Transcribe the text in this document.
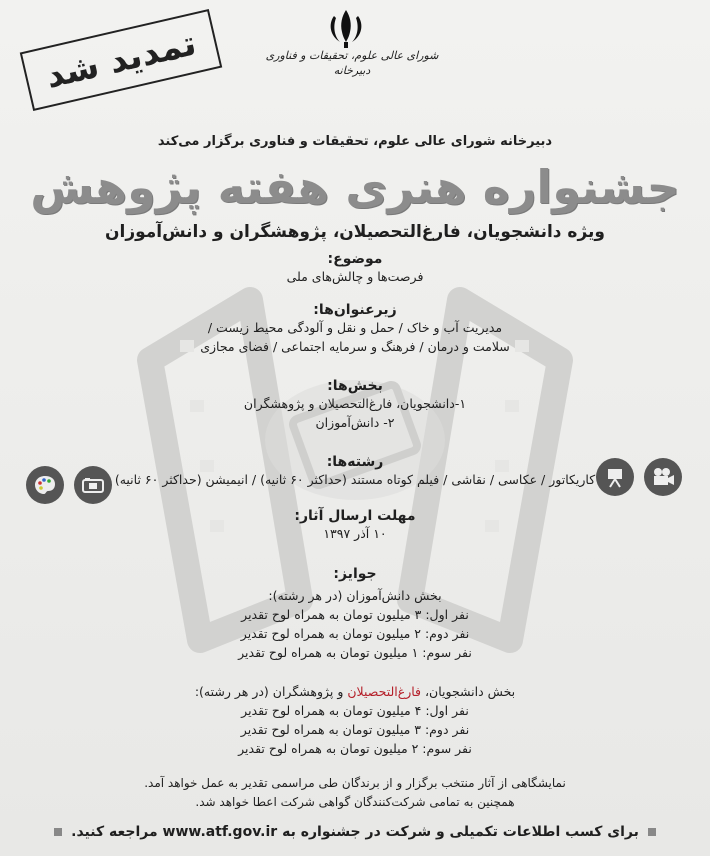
شورای عالی علوم، تحقیقات و فناوری
دبیرخانه
تمدید شد
دبیرخانه شورای عالی علوم، تحقیقات و فناوری برگزار می‌کند
جشنواره هنری هفته پژوهش
ویژه دانشجویان، فارغ‌التحصیلان، پژوهشگران و دانش‌آموزان
موضوع:
فرصت‌ها و چالش‌های ملی
زیرعنوان‌ها:
مدیریت آب و خاک / حمل و نقل و آلودگی محیط زیست /
سلامت و درمان / فرهنگ و سرمایه اجتماعی / فضای مجازی
بخش‌ها:
۱-دانشجویان، فارغ‌التحصیلان و پژوهشگران
۲- دانش‌آموزان
رشته‌ها:
کاریکاتور / عکاسی / نقاشی / فیلم کوتاه مستند (حداکثر ۶۰ ثانیه) / انیمیشن (حداکثر ۶۰ ثانیه)
مهلت ارسال آثار:
۱۰ آذر ۱۳۹۷
جوایز:
بخش دانش‌آموزان (در هر رشته):
نفر اول: ۳ میلیون تومان به همراه لوح تقدیر
نفر دوم: ۲ میلیون تومان به همراه لوح تقدیر
نفر سوم: ۱ میلیون تومان به همراه لوح تقدیر
بخش دانشجویان، فارغ‌التحصیلان و پژوهشگران (در هر رشته):
نفر اول: ۴ میلیون تومان به همراه لوح تقدیر
نفر دوم: ۳ میلیون تومان به همراه لوح تقدیر
نفر سوم: ۲ میلیون تومان به همراه لوح تقدیر
نمایشگاهی از آثار منتخب برگزار و از برندگان طی مراسمی تقدیر به عمل خواهد آمد.
همچنین به تمامی شرکت‌کنندگان گواهی شرکت اعطا خواهد شد.
برای کسب اطلاعات تکمیلی و شرکت در جشنواره به www.atf.gov.ir مراجعه کنید.
